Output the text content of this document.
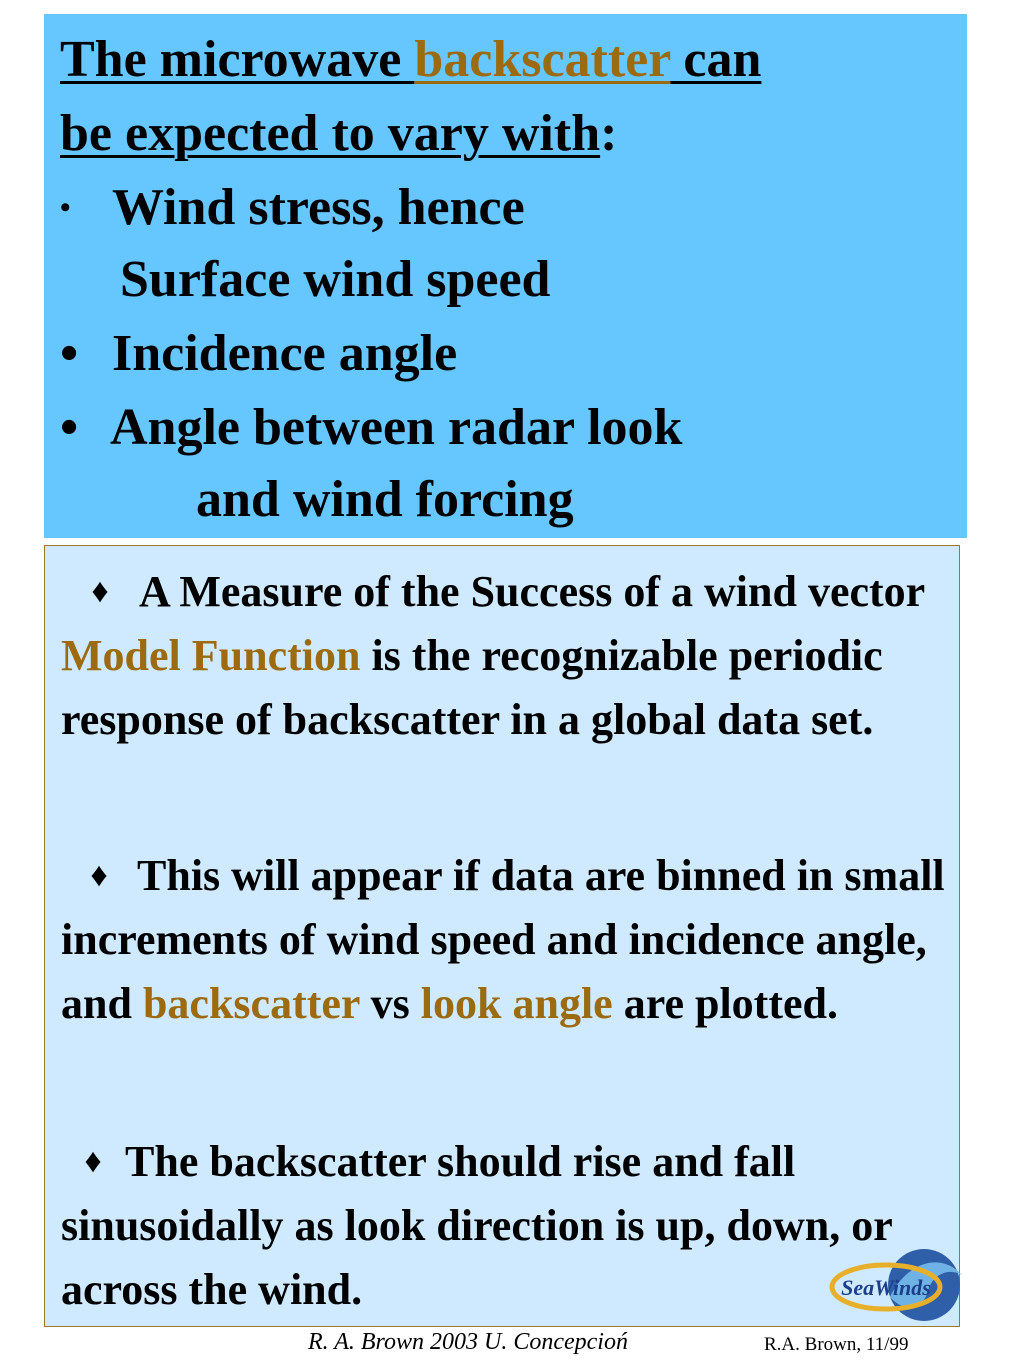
The microwave backscatter can
be expected to vary with:
• Wind stress, hence
Surface wind speed
• Incidence angle
• Angle between radar look
and wind forcing
♦ A Measure of the Success of a wind vector Model Function is the recognizable periodic response of backscatter in a global data set.
♦ This will appear if data are binned in small increments of wind speed and incidence angle, and backscatter vs look angle are plotted.
♦ The backscatter should rise and fall sinusoidally as look direction is up, down, or across the wind.	SeaWinds
R. A. Brown 2003 U. Concepcioń	R.A. Brown, 11/99
